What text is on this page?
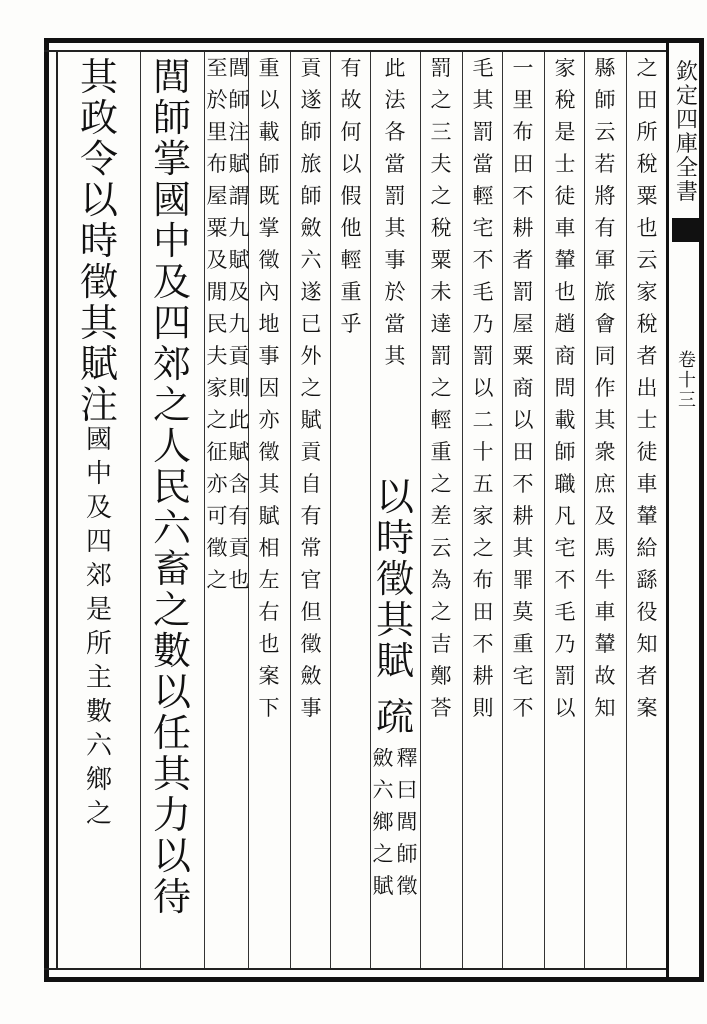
之
田
所
稅
粟
也
云
家
稅
者
出
士
徒
車
輦
給
繇
役
知
者
案
縣
師
云
若
將
有
軍
旅
會
同
作
其
衆
庶
及
馬
牛
車
輦
故
知
家
稅
是
士
徒
車
輦
也
趙
商
問
載
師
職
凡
宅
不
毛
乃
罰
以
一
里
布
田
不
耕
者
罰
屋
粟
商
以
田
不
耕
其
罪
莫
重
宅
不
毛
其
罰
當
輕
宅
不
毛
乃
罰
以
二
十
五
家
之
布
田
不
耕
則
罰
之
三
夫
之
稅
粟
未
達
罰
之
輕
重
之
差
云
為
之
吉
鄭
荅
此
法
各
當
罰
其
事
於
當
其
以
時
徵
其
賦
疏
釋
曰
閭
師
徵
斂
六
鄉
之
賦
有
故
何
以
假
他
輕
重
乎
貢
遂
師
旅
師
斂
六
遂
已
外
之
賦
貢
自
有
常
官
但
徵
斂
事
重
以
載
師
既
掌
徵
內
地
事
因
亦
徵
其
賦
相
左
右
也
案
下
閭
師
注
賦
謂
九
賦
及
九
貢
則
此
賦
含
有
貢
也
閭
師
掌
國
中
及
四
郊
之
人
民
六
畜
之
數
以
任
其
力
以
待
其
政
令
以
時
徵
其
賦
注
國
中
及
四
郊
是
所
主
數
六
鄉
之
至
於
里
布
屋
粟
及
閒
民
夫
家
之
征
亦
可
徵
之
欽
定
四
庫
全
書
卷
十
三
